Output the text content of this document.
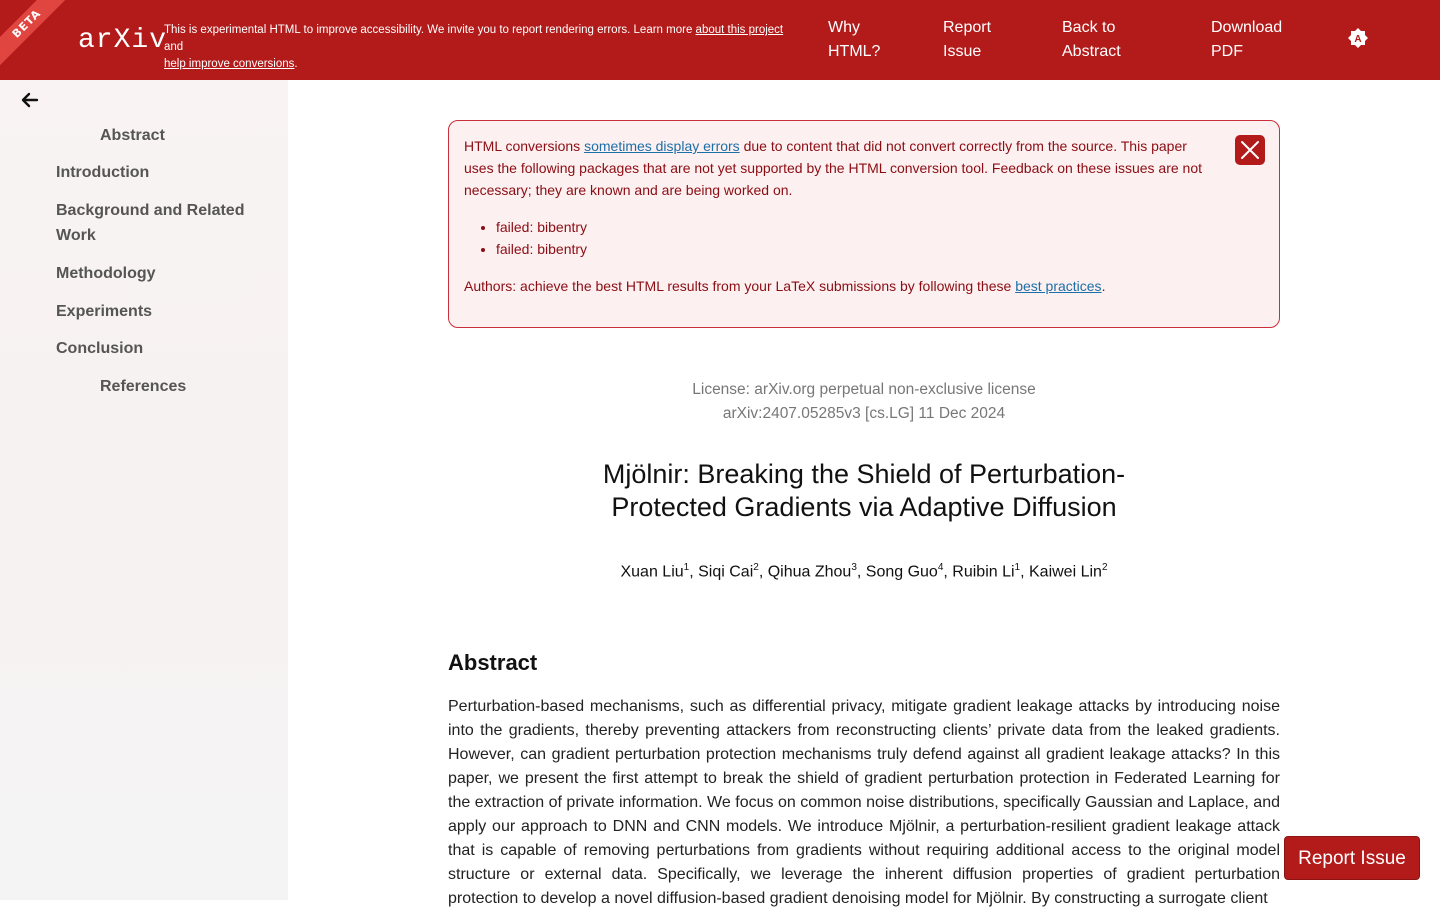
BETA	arXiv
This is experimental HTML to improve accessibility. We invite you to report rendering errors. Learn more about this project and
help improve conversions.
Why
HTML?
Report
Issue
Back to
Abstract
Download
PDF
A
Abstract
Introduction
Background and Related Work
Methodology
Experiments
Conclusion
References

HTML conversions sometimes display errors due to content that did not convert correctly from the source. This paper uses the following packages that are not yet supported by the HTML conversion tool. Feedback on these issues are not necessary; they are known and are being worked on.

• failed: bibentry
• failed: bibentry

Authors: achieve the best HTML results from your LaTeX submissions by following these best practices.

License: arXiv.org perpetual non-exclusive license
arXiv:2407.05285v3 [cs.LG] 11 Dec 2024
Mjölnir: Breaking the Shield of Perturbation-
Protected Gradients via Adaptive Diffusion
Xuan Liu$^1$, Siqi Cai$^2$, Qihua Zhou$^3$, Song Guo$^4$, Ruibin Li$^1$, Kaiwei Lin$^2$
Abstract

Perturbation-based mechanisms, such as differential privacy, mitigate gradient leakage attacks by introducing noise into the gradients, thereby preventing attackers from reconstructing clients’ private data from the leaked gradients. However, can gradient perturbation protection mechanisms truly defend against all gradient leakage attacks? In this paper, we present the first attempt to break the shield of gradient perturbation protection in Federated Learning for the extraction of private information. We focus on common noise distributions, specifically Gaussian and Laplace, and apply our approach to DNN and CNN models. We introduce Mjölnir, a perturbation-resilient gradient leakage attack that is capable of removing perturbations from gradients without requiring additional access to the original model structure or external data. Specifically, we leverage the inherent diffusion properties of gradient perturbation protection to develop a novel diffusion-based gradient denoising model for Mjölnir. By constructing a surrogate client

Report Issue
